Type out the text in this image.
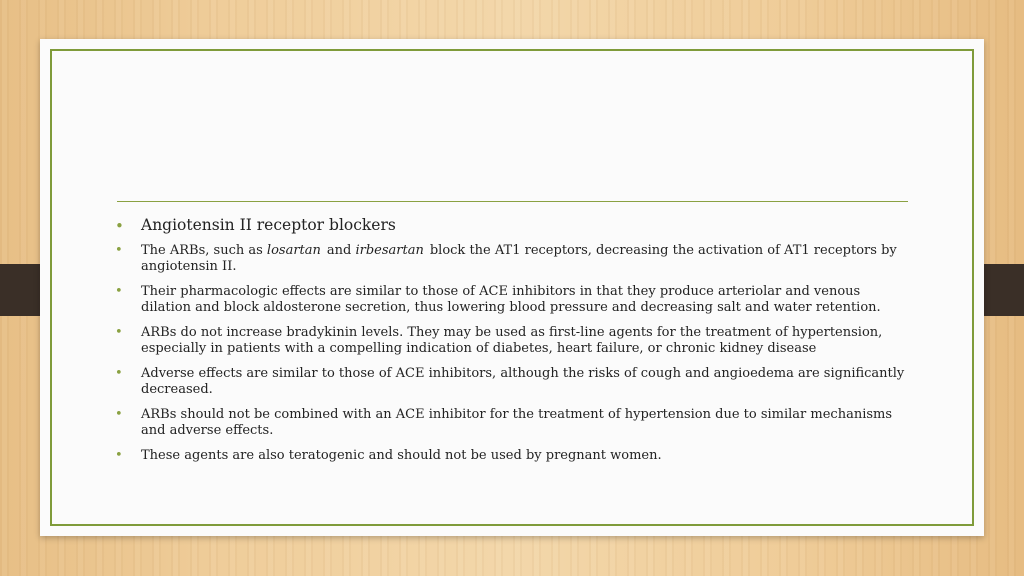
• Angiotensin II receptor blockers
• The ARBs, such as losartan and irbesartan block the AT1 receptors, decreasing the activation of AT1 receptors by angiotensin II.
• Their pharmacologic effects are similar to those of ACE inhibitors in that they produce arteriolar and venous dilation and block aldosterone secretion, thus lowering blood pressure and decreasing salt and water retention.
• ARBs do not increase bradykinin levels. They may be used as first-line agents for the treatment of hypertension, especially in patients with a compelling indication of diabetes, heart failure, or chronic kidney disease
• Adverse effects are similar to those of ACE inhibitors, although the risks of cough and angioedema are significantly decreased.
• ARBs should not be combined with an ACE inhibitor for the treatment of hypertension due to similar mechanisms and adverse effects.
• These agents are also teratogenic and should not be used by pregnant women.
